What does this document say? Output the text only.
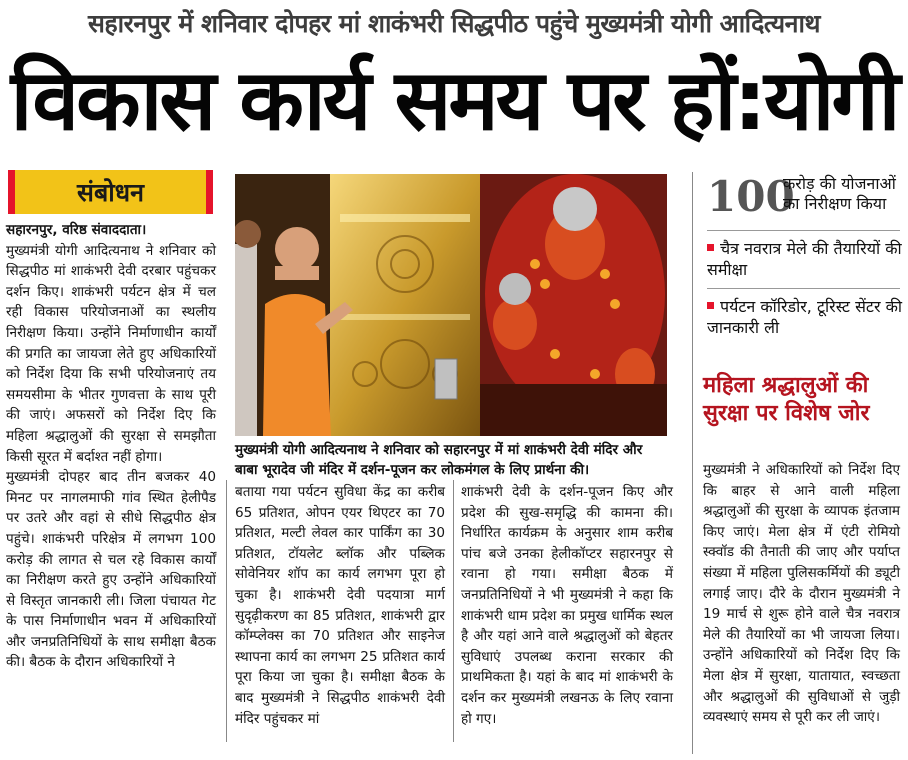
सहारनपुर में शनिवार दोपहर मां शाकंभरी सिद्धपीठ पहुंचे मुख्यमंत्री योगी आदित्यनाथ
विकास कार्य समय पर हों:योगी
संबोधन

सहारनपुर, वरिष्ठ संवाददाता।

मुख्यमंत्री योगी आदित्यनाथ ने शनिवार को सिद्धपीठ मां शाकंभरी देवी दरबार पहुंचकर दर्शन किए। शाकंभरी पर्यटन क्षेत्र में चल रही विकास परियोजनाओं का स्थलीय निरीक्षण किया। उन्होंने निर्माणाधीन कार्यों की प्रगति का जायजा लेते हुए अधिकारियों को निर्देश दिया कि सभी परियोजनाएं तय समयसीमा के भीतर गुणवत्ता के साथ पूरी की जाएं। अफसरों को निर्देश दिए कि महिला श्रद्धालुओं की सुरक्षा से समझौता किसी सूरत में बर्दाश्त नहीं होगा।

मुख्यमंत्री दोपहर बाद तीन बजकर 40 मिनट पर नागलमाफी गांव स्थित हेलीपैड पर उतरे और वहां से सीधे सिद्धपीठ क्षेत्र पहुंचे। शाकंभरी परिक्षेत्र में लगभग 100 करोड़ की लागत से चल रहे विकास कार्यों का निरीक्षण करते हुए उन्होंने अधिकारियों से विस्तृत जानकारी ली। जिला पंचायत गेट के पास निर्माणाधीन भवन में अधिकारियों और जनप्रतिनिधियों के साथ समीक्षा बैठक की। बैठक के दौरान अधिकारियों ने

मुख्यमंत्री योगी आदित्यनाथ ने शनिवार को सहारनपुर में मां शाकंभरी देवी मंदिर और बाबा भूरादेव जी मंदिर में दर्शन-पूजन कर लोकमंगल के लिए प्रार्थना की।

बताया गया पर्यटन सुविधा केंद्र का करीब 65 प्रतिशत, ओपन एयर थिएटर का 70 प्रतिशत, मल्टी लेवल कार पार्किंग का 30 प्रतिशत, टॉयलेट ब्लॉक और पब्लिक सोवेनियर शॉप का कार्य लगभग पूरा हो चुका है। शाकंभरी देवी पदयात्रा मार्ग सुदृढ़ीकरण का 85 प्रतिशत, शाकंभरी द्वार कॉम्प्लेक्स का 70 प्रतिशत और साइनेज स्थापना कार्य का लगभग 25 प्रतिशत कार्य पूरा किया जा चुका है। समीक्षा बैठक के बाद मुख्यमंत्री ने सिद्धपीठ शाकंभरी देवी मंदिर पहुंचकर मां

शाकंभरी देवी के दर्शन-पूजन किए और प्रदेश की सुख-समृद्धि की कामना की। निर्धारित कार्यक्रम के अनुसार शाम करीब पांच बजे उनका हेलीकॉप्टर सहारनपुर से रवाना हो गया। समीक्षा बैठक में जनप्रतिनिधियों ने भी मुख्यमंत्री ने कहा कि शाकंभरी धाम प्रदेश का प्रमुख धार्मिक स्थल है और यहां आने वाले श्रद्धालुओं को बेहतर सुविधाएं उपलब्ध कराना सरकार की प्राथमिकता है। यहां के बाद मां शाकंभरी के दर्शन कर मुख्यमंत्री लखनऊ के लिए रवाना हो गए।

100
करोड़ की योजनाओं का निरीक्षण किया
चैत्र नवरात्र मेले की तैयारियों की समीक्षा
पर्यटन कॉरिडोर, टूरिस्ट सेंटर की जानकारी ली
महिला श्रद्धालुओं की सुरक्षा पर विशेष जोर

मुख्यमंत्री ने अधिकारियों को निर्देश दिए कि बाहर से आने वाली महिला श्रद्धालुओं की सुरक्षा के व्यापक इंतजाम किए जाएं। मेला क्षेत्र में एंटी रोमियो स्क्वॉड की तैनाती की जाए और पर्याप्त संख्या में महिला पुलिसकर्मियों की ड्यूटी लगाई जाए। दौरे के दौरान मुख्यमंत्री ने 19 मार्च से शुरू होने वाले चैत्र नवरात्र मेले की तैयारियों का भी जायजा लिया। उन्होंने अधिकारियों को निर्देश दिए कि मेला क्षेत्र में सुरक्षा, यातायात, स्वच्छता और श्रद्धालुओं की सुविधाओं से जुड़ी व्यवस्थाएं समय से पूरी कर ली जाएं।
